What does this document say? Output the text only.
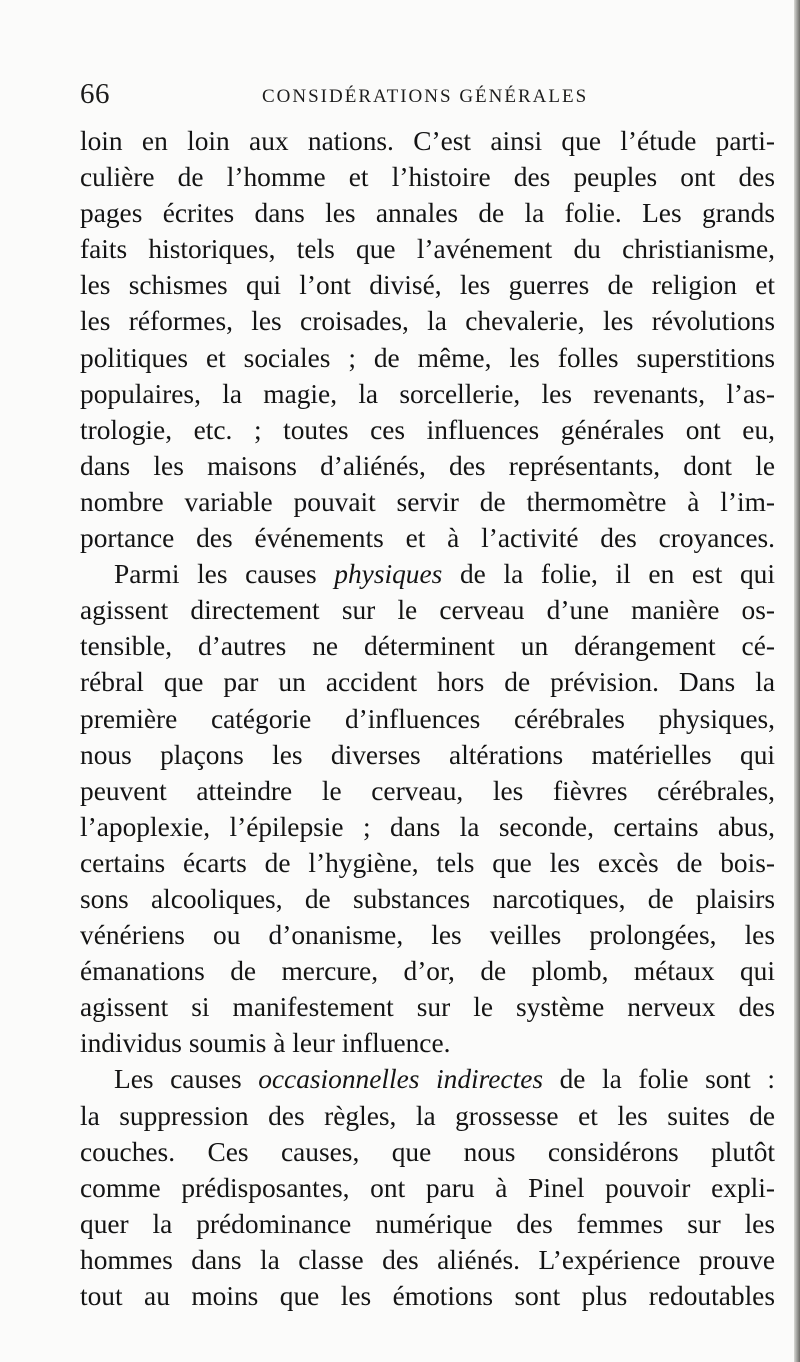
66	CONSIDÉRATIONS GÉNÉRALES
loin en loin aux nations. C’est ainsi que l’étude parti-
culière de l’homme et l’histoire des peuples ont des
pages écrites dans les annales de la folie. Les grands
faits historiques, tels que l’avénement du christianisme,
les schismes qui l’ont divisé, les guerres de religion et
les réformes, les croisades, la chevalerie, les révolutions
politiques et sociales ; de même, les folles superstitions
populaires, la magie, la sorcellerie, les revenants, l’as-
trologie, etc. ; toutes ces influences générales ont eu,
dans les maisons d’aliénés, des représentants, dont le
nombre variable pouvait servir de thermomètre à l’im-
portance des événements et à l’activité des croyances.
Parmi les causes physiques de la folie, il en est qui
agissent directement sur le cerveau d’une manière os-
tensible, d’autres ne déterminent un dérangement cé-
rébral que par un accident hors de prévision. Dans la
première catégorie d’influences cérébrales physiques,
nous plaçons les diverses altérations matérielles qui
peuvent atteindre le cerveau, les fièvres cérébrales,
l’apoplexie, l’épilepsie ; dans la seconde, certains abus,
certains écarts de l’hygiène, tels que les excès de bois-
sons alcooliques, de substances narcotiques, de plaisirs
vénériens ou d’onanisme, les veilles prolongées, les
émanations de mercure, d’or, de plomb, métaux qui
agissent si manifestement sur le système nerveux des
individus soumis à leur influence.
Les causes occasionnelles indirectes de la folie sont :
la suppression des règles, la grossesse et les suites de
couches. Ces causes, que nous considérons plutôt
comme prédisposantes, ont paru à Pinel pouvoir expli-
quer la prédominance numérique des femmes sur les
hommes dans la classe des aliénés. L’expérience prouve
tout au moins que les émotions sont plus redoutables
